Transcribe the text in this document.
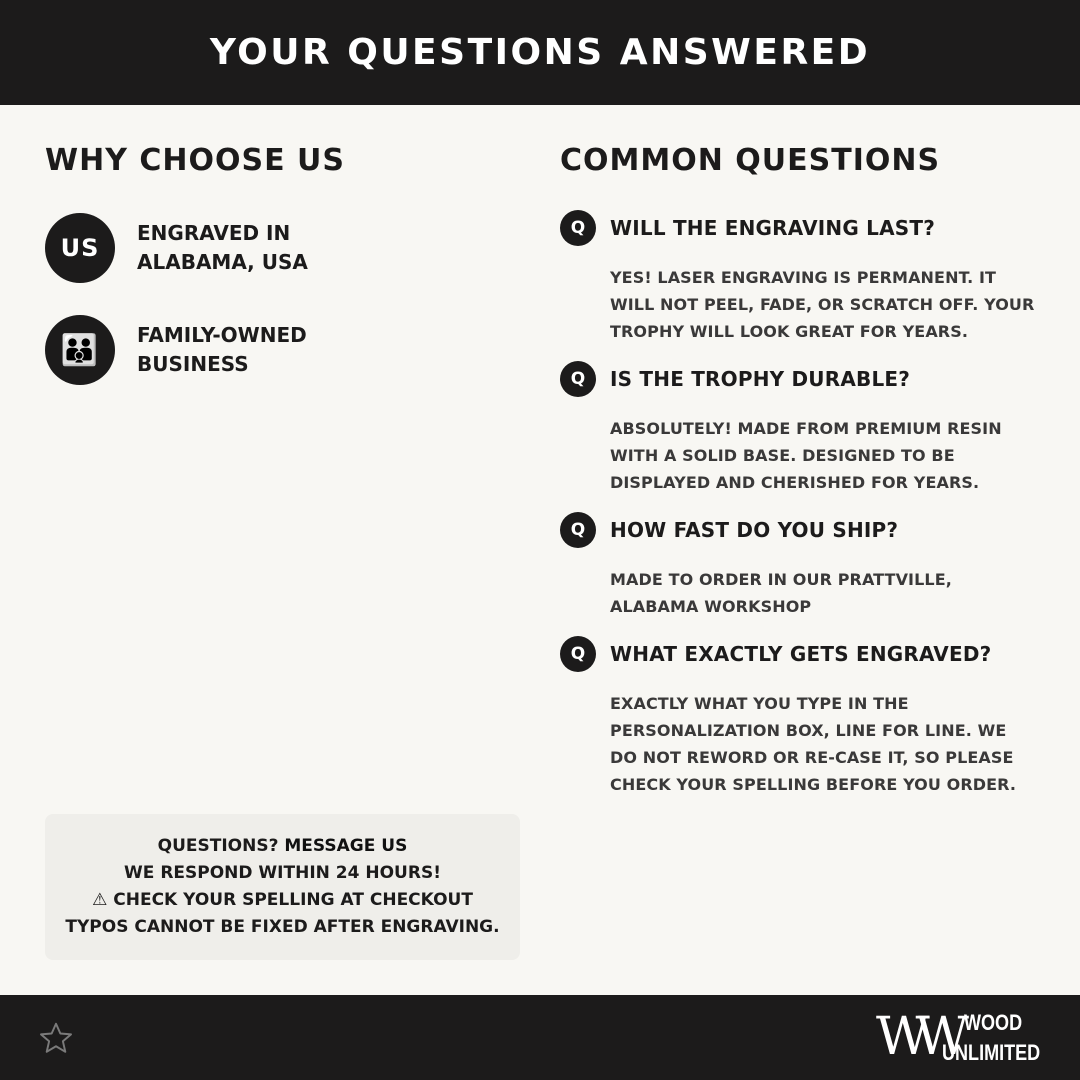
YOUR QUESTIONS ANSWERED
WHY CHOOSE US
US
ENGRAVED IN
ALABAMA, USA
👪	FAMILY-OWNED
BUSINESS
COMMON QUESTIONS
Q	WILL THE ENGRAVING LAST?
YES! LASER ENGRAVING IS PERMANENT. IT WILL NOT PEEL, FADE, OR SCRATCH OFF. YOUR TROPHY WILL LOOK GREAT FOR YEARS.
Q	IS THE TROPHY DURABLE?
ABSOLUTELY! MADE FROM PREMIUM RESIN WITH A SOLID BASE. DESIGNED TO BE DISPLAYED AND CHERISHED FOR YEARS.
Q	HOW FAST DO YOU SHIP?
MADE TO ORDER IN OUR PRATTVILLE, ALABAMA WORKSHOP
Q	WHAT EXACTLY GETS ENGRAVED?
EXACTLY WHAT YOU TYPE IN THE PERSONALIZATION BOX, LINE FOR LINE. WE DO NOT REWORD OR RE-CASE IT, SO PLEASE CHECK YOUR SPELLING BEFORE YOU ORDER.
QUESTIONS? MESSAGE US
WE RESPOND WITHIN 24 HOURS!
⚠ CHECK YOUR SPELLING AT CHECKOUT
TYPOS CANNOT BE FIXED AFTER ENGRAVING.
WW WOOD
UNLIMITED
